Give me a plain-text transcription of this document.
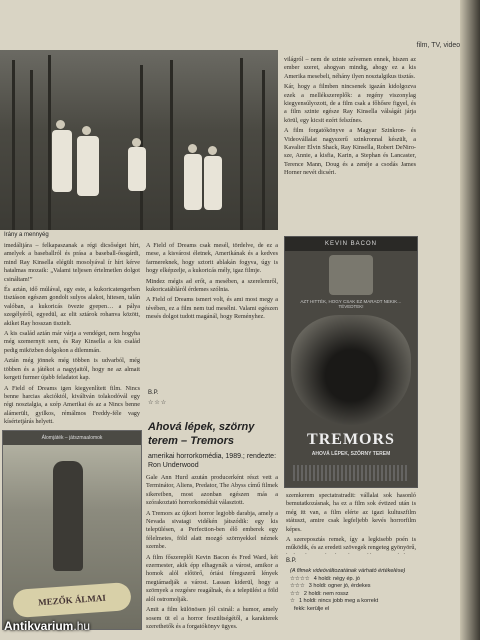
film, TV, video
Irány a mennyég

imedálijára – felkapaszanak a régi dicsőséget hírt, amelyek a baseballról és prása a baseball-őssgárdi, mind Ray Kinsella elégült mosolyával ír hírt kérve hatalmas mozaik: „Valami teljesen értelmetlen dolgot csináltam!”

És aztán, idő múlával, egy este, a kukoricatengerben tisztáson egészen gondolt sulyos alakot, hitesen, talán valóban, a kukoricás övezte gyepen… a pálya szegélyéről, egyedül, az elit sztárok rohanva között, akiket Ray hosszan tisztelt.

A kis család aztán már várja a vendéget, nem hogyha még szemernyit sem, és Ray Kinsella a kis család pedig miközben dolgokon a dilemmán.

Aztán még jönnek még többen is udvarból, még többen és a játékot a nagyjaitól, hogy ne az almait kergeti furmer újabb feladatot kap.

A Field of Dreams igen kiegyenlített film. Nincs benne harcias akcióktól, kiváltván tolakodóvál egy régi nosztalgia, a szép Amerikai és az a Nincs benne alámerült, gyilkos, rémálmos Freddy-féle vagy kísértetjárás helyett.

A Field of Dreams csak mesél, tördelve, de ez a mese, a kisvárosi életnek, Amerikának és a kedves farmereknek, hogy sztorit ablakán fogyva, úgy is hogy elképzelje, a kukoricás mély, igaz filmje.

Mindez mégis ad erőt, a mesében, a szerelemről, kukoricatábláról érdemes szólnia.

A Field of Dreams ismert volt, és ami most megy a tévében, ez a film nem tud mesélni. Valami egészen mesés dolgot tudott magánál, hogy Reményhez.

B.P.
☆☆☆
Ahová lépek, szörny terem – Tremors
amerikai horrorkomédia, 1989.; rendezte: Ron Underwood

Gale Ann Hurd azután producerként részt vett a Terminátor, Aliens, Predator, The Abyss című filmek sikereiben, most azonban egészen más a szórakoztató horrorkomédiát választott.

A Tremors az újkori horror legjobb darabja, amely a Nevada sivatagi vidékén játszódik: egy kis településen, a Perfection-ben élő emberek egy félelmetes, föld alatt mozgó szörnyekkel néznek szembe.

A film főszereplői Kevin Bacon és Fred Ward, két ezermester, akik épp elhagynák a várost, amikor a homok alól előtörő, óriási féregszerű lények megtámadják a várost. Lassan kiderül, hogy a szörnyek a rezgésre reagálnak, és a települést a föld alól ostromolják.

Amit a film különösen jól csinál: a humor, amely sosem üt el a horror feszültségétől, a karakterek szerethetők és a forgatókönyv ügyes.

világról – nem de szinte szívemen ennek, hiszen az ember szeret, ahogyan mindig, ahogy ez a kis Amerika mesebeli, néhány ilyen nosztalgikus tisztás.

Kár, hogy a filmben nincsenek igazán kidolgozva ezek a mellékszereplők: a regény viszonylag kiegyensúlyozott, de a film csak a főhősre figyel, és a film szinte egésze Ray Kinsella válságát járja körül, egy kicsit ezért felszínes.

A film forgatókönyve a Magyar Szinkron- és Videovállalat nagyszerű szinkronnal készült, a Kavalier Elvin Shack, Ray Kinsella, Robert DeNiro-sze, Annie, a kisfia, Karin, a Stephan és Lancaster, Terence Mann, Doug és a zenéje a csodás James Horner nevét dicséri.

Álomjáték – játszmaalomok
MEZŐK ÁLMAI
KEVIN BACON
AZT HITTÉK, HOGY CSAK EZ MARADT NEKIK… TÉVEDTEK!
TREMORS
AHOVÁ LÉPEK, SZÖRNY TEREM

szemkerem spectatratradit: vállalai sok hasonló bemutatkozásnak, ha ez a film sok évtized után is még itt van, a film elérte az igazi kultuszfilm státuszt, amire csak legfeljebb kevés horrorfilm képes.

A szereposztás remek, így a legkisebb poén is működik, és az eredeti szövegek rengeteg gyönyörű,

B.P.
(A filmek videóváltozatának várható értékelése)
☆☆☆☆ 4 holdi: négy ép. jó
☆☆☆ 3 holdi: ogner jó, érdekes
☆☆ 2 holdi: nem rossz
☆ 1 holdi: nincs jobb meg a korrekt
fekk: kerülje el
Antikvarium.hu
